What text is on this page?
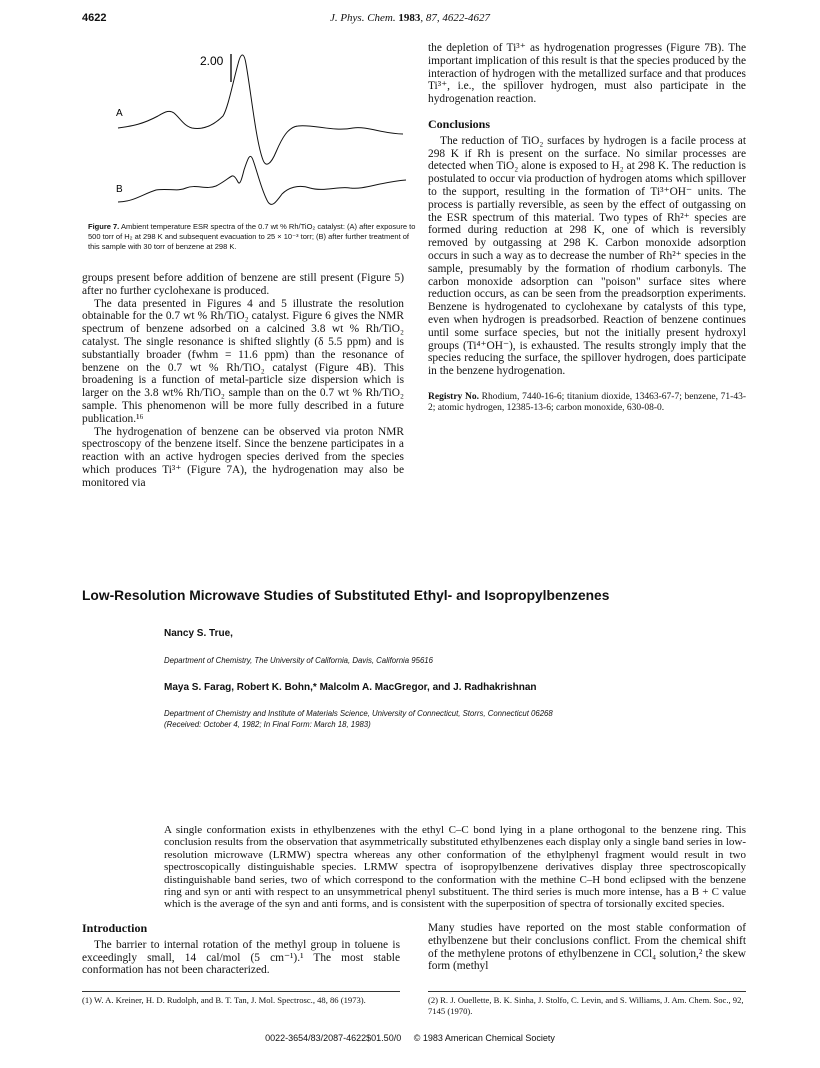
4622	J. Phys. Chem. 1983, 87, 4622-4627
2.00
A
B
Figure 7. Ambient temperature ESR spectra of the 0.7 wt % Rh/TiO₂ catalyst: (A) after exposure to 500 torr of H₂ at 298 K and subsequent evacuation to 25 × 10⁻³ torr; (B) after further treatment of this sample with 30 torr of benzene at 298 K.

groups present before addition of benzene are still present (Figure 5) after no further cyclohexane is produced.

The data presented in Figures 4 and 5 illustrate the resolution obtainable for the 0.7 wt % Rh/TiO₂ catalyst. Figure 6 gives the NMR spectrum of benzene adsorbed on a calcined 3.8 wt % Rh/TiO₂ catalyst. The single resonance is shifted slightly (δ 5.5 ppm) and is substantially broader (fwhm = 11.6 ppm) than the resonance of benzene on the 0.7 wt % Rh/TiO₂ catalyst (Figure 4B). This broadening is a function of metal-particle size dispersion which is larger on the 3.8 wt% Rh/TiO₂ sample than on the 0.7 wt % Rh/TiO₂ sample. This phenomenon will be more fully described in a future publication.¹⁶

The hydrogenation of benzene can be observed via proton NMR spectroscopy of the benzene itself. Since the benzene participates in a reaction with an active hydrogen species derived from the species which produces Ti³⁺ (Figure 7A), the hydrogenation may also be monitored via

the depletion of Ti³⁺ as hydrogenation progresses (Figure 7B). The important implication of this result is that the species produced by the interaction of hydrogen with the metallized surface and that produces Ti³⁺, i.e., the spillover hydrogen, must also participate in the hydrogenation reaction.

Conclusions

The reduction of TiO₂ surfaces by hydrogen is a facile process at 298 K if Rh is present on the surface. No similar processes are detected when TiO₂ alone is exposed to H₂ at 298 K. The reduction is postulated to occur via production of hydrogen atoms which spillover to the support, resulting in the formation of Ti³⁺OH⁻ units. The process is partially reversible, as seen by the effect of outgassing on the ESR spectrum of this material. Two types of Rh²⁺ species are formed during reduction at 298 K, one of which is reversibly removed by outgassing at 298 K. Carbon monoxide adsorption occurs in such a way as to decrease the number of Rh²⁺ species in the sample, presumably by the formation of rhodium carbonyls. The carbon monoxide adsorption can "poison" surface sites where reduction occurs, as can be seen from the preadsorption experiments. Benzene is hydrogenated to cyclohexane by catalysts of this type, even when hydrogen is preadsorbed. Reaction of benzene continues until some surface species, but not the initially present hydroxyl groups (Ti⁴⁺OH⁻), is exhausted. The results strongly imply that the species reducing the surface, the spillover hydrogen, does participate in the benzene hydrogenation.

Registry No. Rhodium, 7440-16-6; titanium dioxide, 13463-67-7; benzene, 71-43-2; atomic hydrogen, 12385-13-6; carbon monoxide, 630-08-0.
Low-Resolution Microwave Studies of Substituted Ethyl- and Isopropylbenzenes
Nancy S. True,
Department of Chemistry, The University of California, Davis, California 95616
Maya S. Farag, Robert K. Bohn,* Malcolm A. MacGregor, and J. Radhakrishnan
Department of Chemistry and Institute of Materials Science, University of Connecticut, Storrs, Connecticut 06268
(Received: October 4, 1982; In Final Form: March 18, 1983)
A single conformation exists in ethylbenzenes with the ethyl C–C bond lying in a plane orthogonal to the benzene ring. This conclusion results from the observation that asymmetrically substituted ethylbenzenes each display only a single band series in low-resolution microwave (LRMW) spectra whereas any other conformation of the ethylphenyl fragment would result in two spectroscopically distinguishable species. LRMW spectra of isopropylbenzene derivatives display three spectroscopically distinguishable band series, two of which correspond to the conformation with the methine C–H bond eclipsed with the benzene ring and syn or anti with respect to an unsymmetrical phenyl substituent. The third series is much more intense, has a B + C value which is the average of the syn and anti forms, and is consistent with the superposition of spectra of torsionally excited species.
Introduction

The barrier to internal rotation of the methyl group in toluene is exceedingly small, 14 cal/mol (5 cm⁻¹).¹ The most stable conformation has not been characterized.

Many studies have reported on the most stable conformation of ethylbenzene but their conclusions conflict. From the chemical shift of the methylene protons of ethylbenzene in CCl₄ solution,² the skew form (methyl

(1) W. A. Kreiner, H. D. Rudolph, and B. T. Tan, J. Mol. Spectrosc., 48, 86 (1973).	(2) R. J. Ouellette, B. K. Sinha, J. Stolfo, C. Levin, and S. Williams, J. Am. Chem. Soc., 92, 7145 (1970).
0022-3654/83/2087-4622$01.50/0 © 1983 American Chemical Society
